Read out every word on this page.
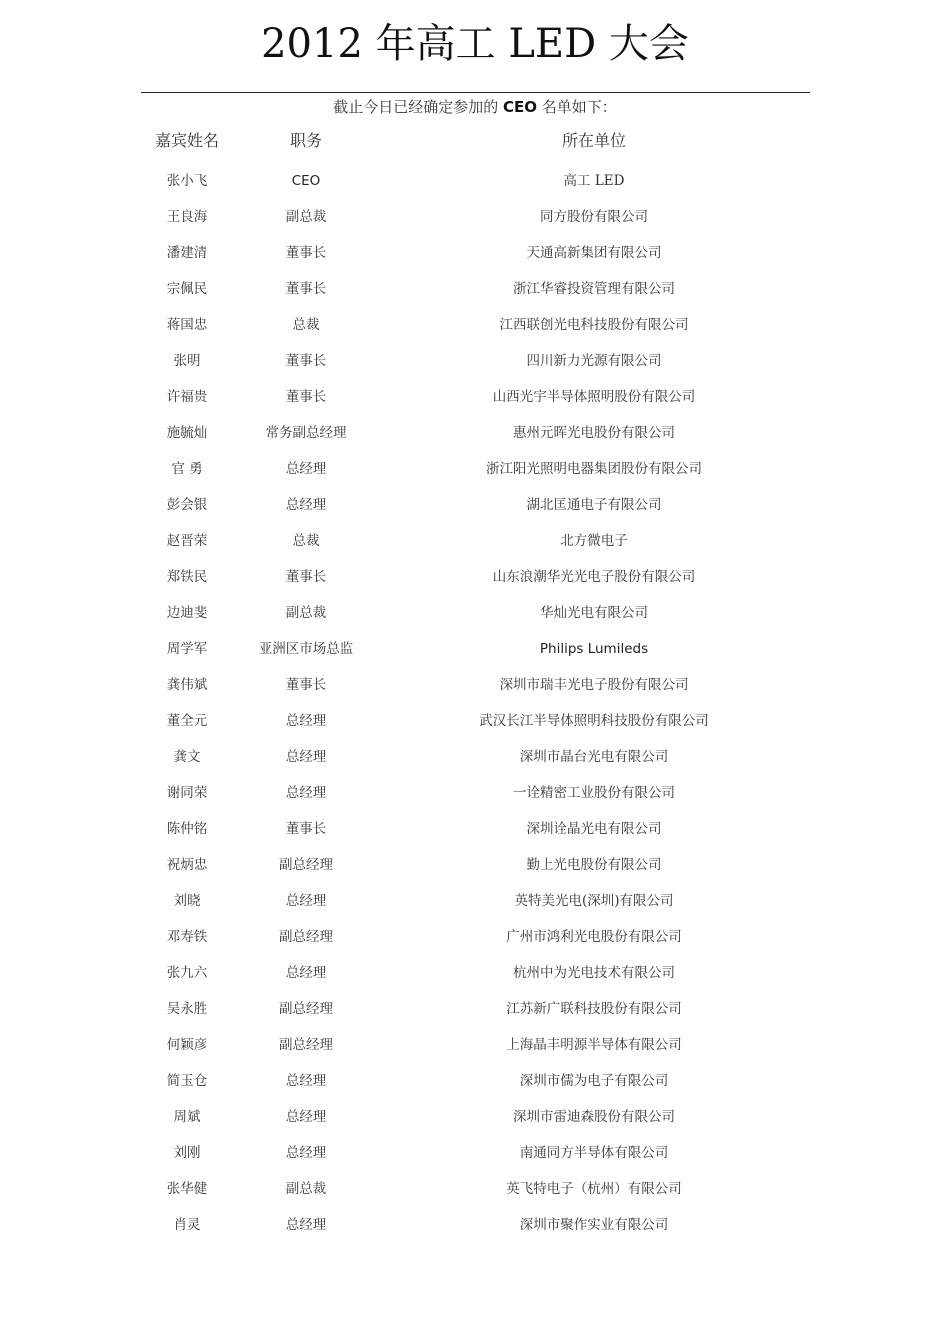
2012 年高工 LED 大会
截止今日已经确定参加的 CEO 名单如下：
嘉宾姓名	职务	所在单位
张小飞	CEO	高工 LED
王良海	副总裁	同方股份有限公司
潘建清	董事长	天通高新集团有限公司
宗佩民	董事长	浙江华睿投资管理有限公司
蒋国忠	总裁	江西联创光电科技股份有限公司
张明	董事长	四川新力光源有限公司
许福贵	董事长	山西光宇半导体照明股份有限公司
施毓灿	常务副总经理	惠州元晖光电股份有限公司
官 勇	总经理	浙江阳光照明电器集团股份有限公司
彭会银	总经理	湖北匡通电子有限公司
赵晋荣	总裁	北方微电子
郑铁民	董事长	山东浪潮华光光电子股份有限公司
边迪斐	副总裁	华灿光电有限公司
周学军	亚洲区市场总监	Philips Lumileds
龚伟斌	董事长	深圳市瑞丰光电子股份有限公司
董全元	总经理	武汉长江半导体照明科技股份有限公司
龚文	总经理	深圳市晶台光电有限公司
谢同荣	总经理	一诠精密工业股份有限公司
陈仲铭	董事长	深圳诠晶光电有限公司
祝炳忠	副总经理	勤上光电股份有限公司
刘晓	总经理	英特美光电(深圳)有限公司
邓寿铁	副总经理	广州市鸿利光电股份有限公司
张九六	总经理	杭州中为光电技术有限公司
吴永胜	副总经理	江苏新广联科技股份有限公司
何颖彦	副总经理	上海晶丰明源半导体有限公司
简玉仓	总经理	深圳市儒为电子有限公司
周斌	总经理	深圳市雷迪森股份有限公司
刘刚	总经理	南通同方半导体有限公司
张华健	副总裁	英飞特电子（杭州）有限公司
肖灵	总经理	深圳市聚作实业有限公司
